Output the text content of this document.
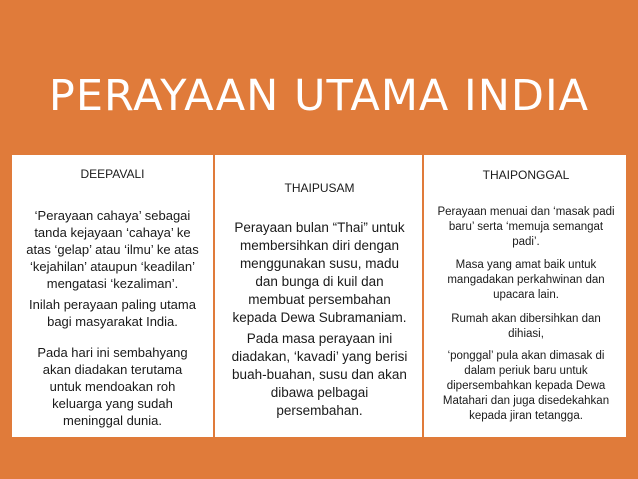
PERAYAAN UTAMA INDIA
DEEPAVALI
‘Perayaan cahaya’ sebagai
tanda kejayaan ‘cahaya’ ke
atas ‘gelap’ atau ‘ilmu’ ke atas
‘kejahilan’ ataupun ‘keadilan’
mengatasi ‘kezaliman’.
Inilah perayaan paling utama
bagi masyarakat India.
Pada hari ini sembahyang
akan diadakan terutama
untuk mendoakan roh
keluarga yang sudah
meninggal dunia.
THAIPUSAM
Perayaan bulan “Thai” untuk
membersihkan diri dengan
menggunakan susu, madu
dan bunga di kuil dan
membuat persembahan
kepada Dewa Subramaniam.
Pada masa perayaan ini
diadakan, ‘kavadi’ yang berisi
buah-buahan, susu dan akan
dibawa pelbagai
persembahan.
THAIPONGGAL
Perayaan menuai dan ‘masak padi
baru’ serta ‘memuja semangat
padi’.
Masa yang amat baik untuk
mangadakan perkahwinan dan
upacara lain.
Rumah akan dibersihkan dan
dihiasi,
‘ponggal’ pula akan dimasak di
dalam periuk baru untuk
dipersembahkan kepada Dewa
Matahari dan juga disedekahkan
kepada jiran tetangga.
